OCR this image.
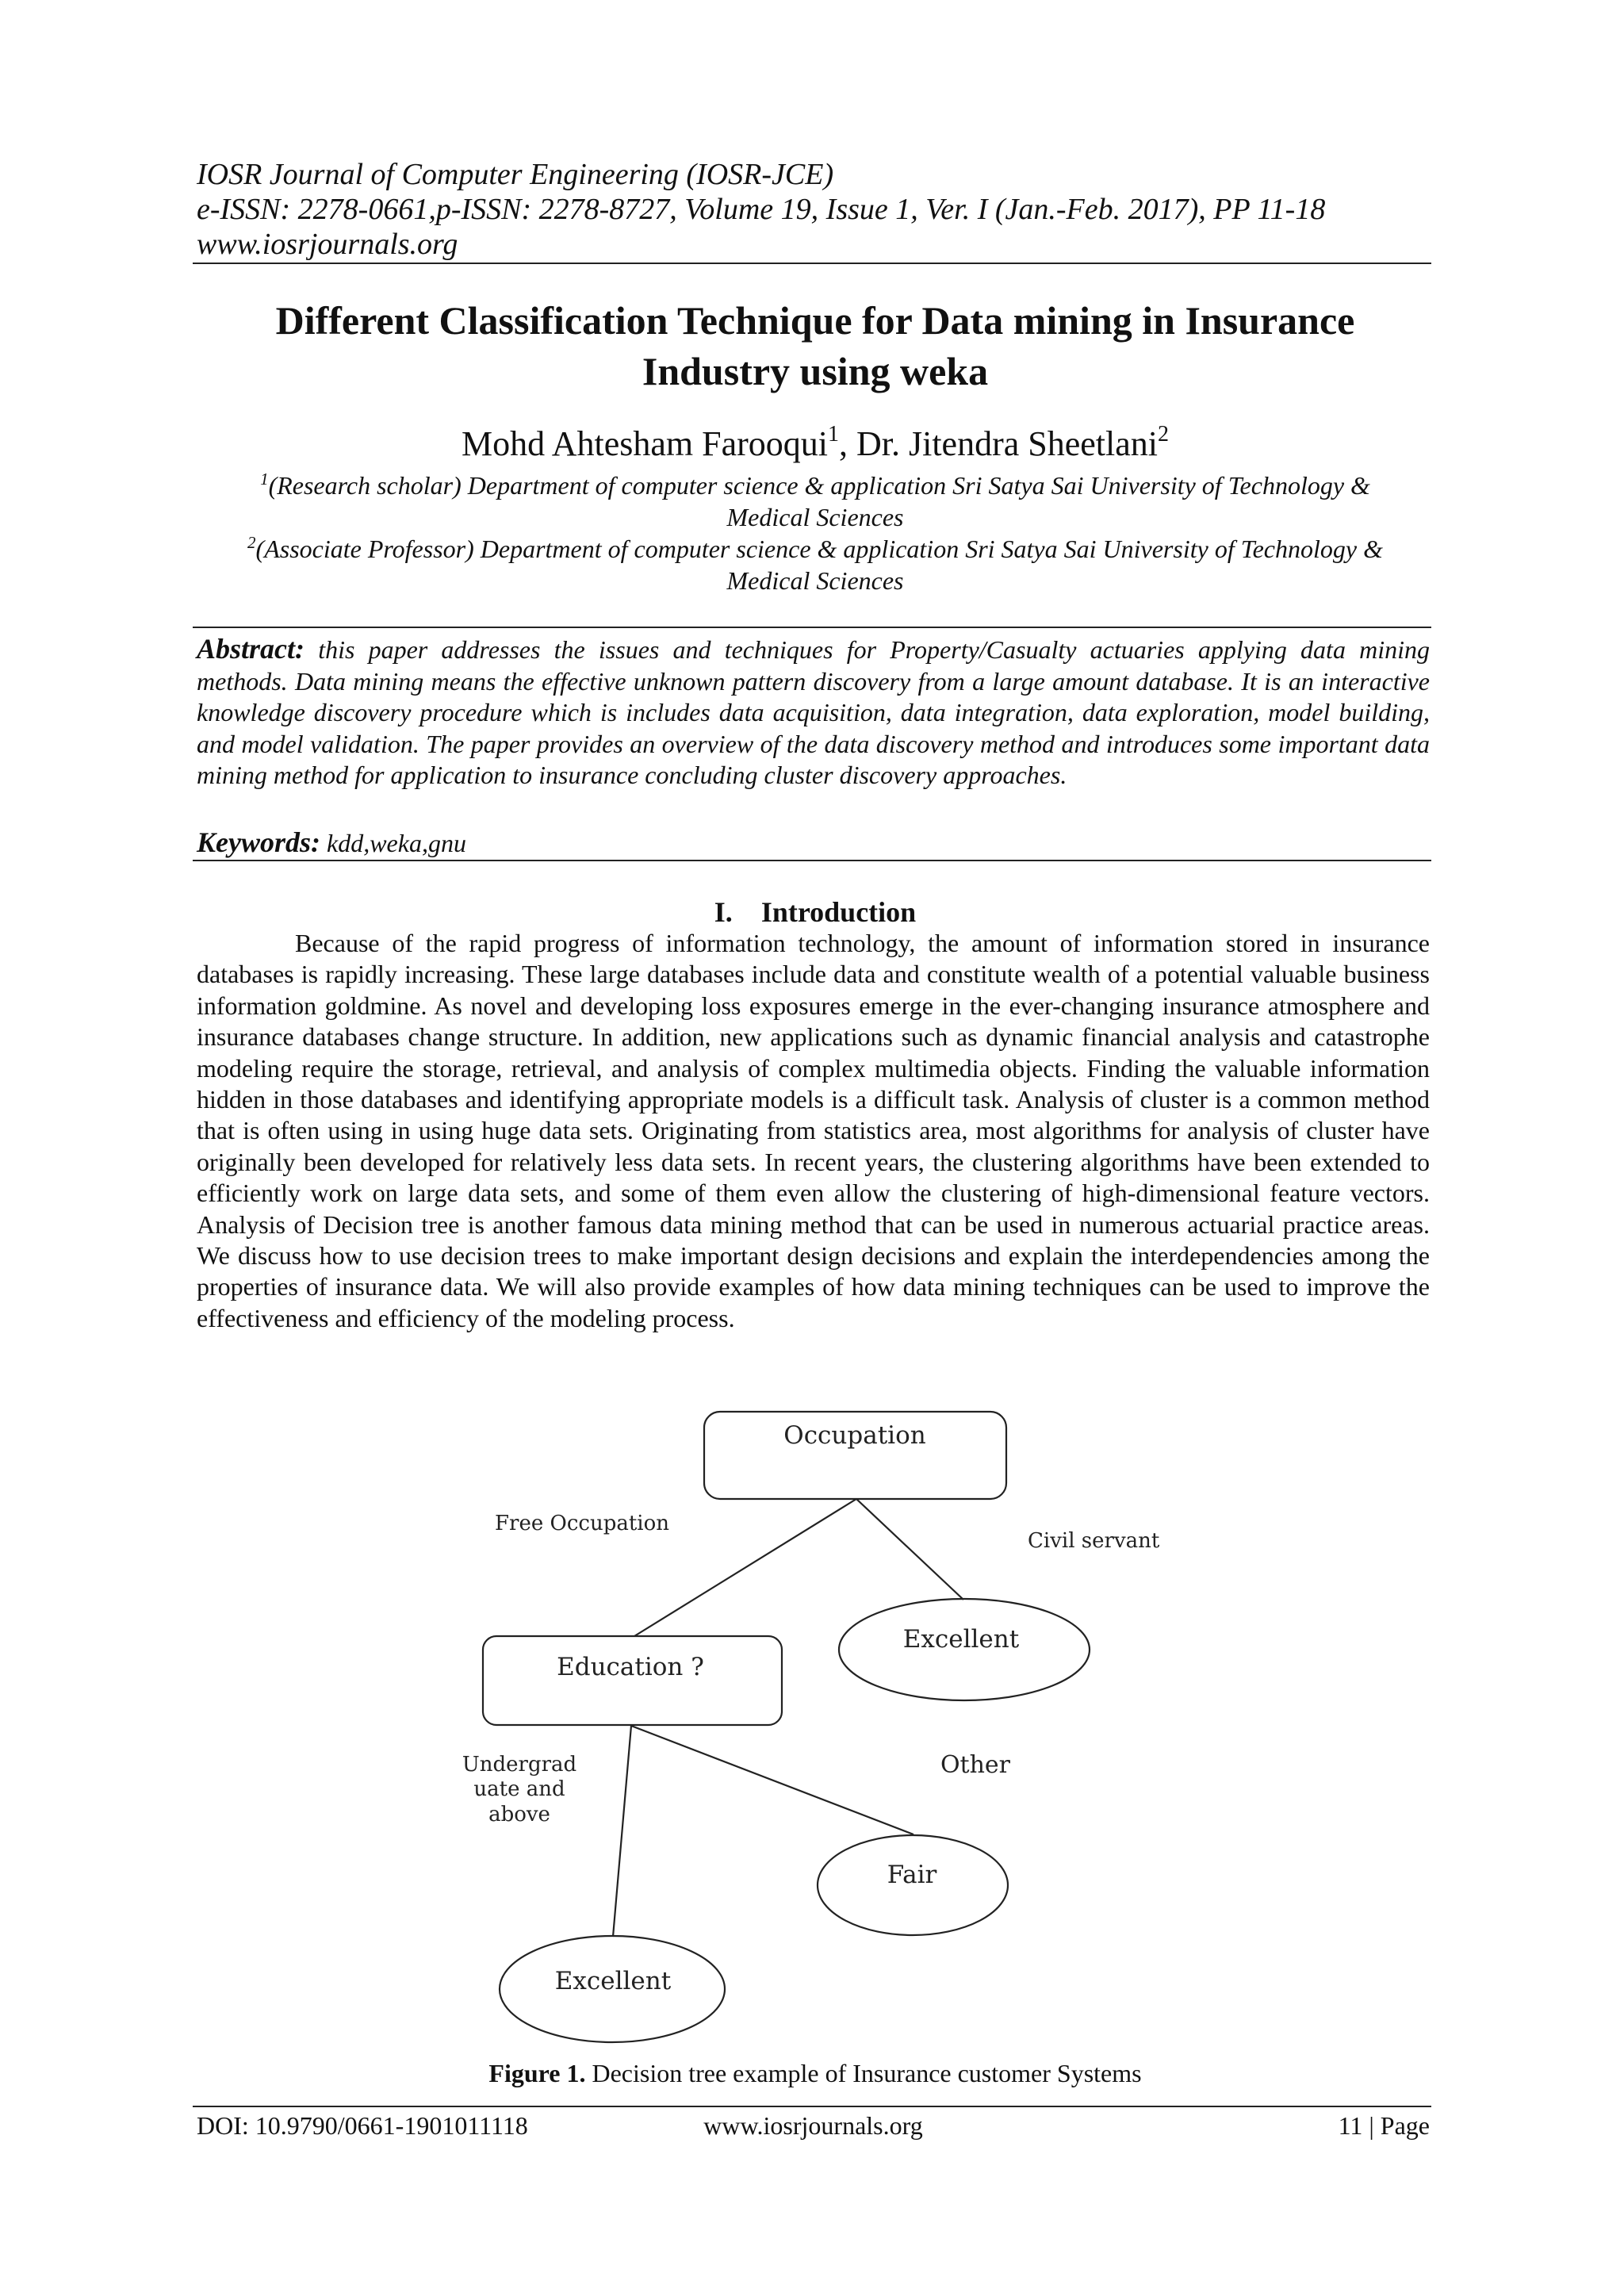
IOSR Journal of Computer Engineering (IOSR-JCE)
e-ISSN: 2278-0661,p-ISSN: 2278-8727, Volume 19, Issue 1, Ver. I (Jan.-Feb. 2017), PP 11-18
www.iosrjournals.org
Different Classification Technique for Data mining in Insurance
Industry using weka
Mohd Ahtesham Farooqui$^1$, Dr. Jitendra Sheetlani$^2$
$^1$(Research scholar) Department of computer science & application Sri Satya Sai University of Technology &
Medical Sciences
$^2$(Associate Professor) Department of computer science & application Sri Satya Sai University of Technology &
Medical Sciences
Abstract: this paper addresses the issues and techniques for Property/Casualty actuaries applying data mining methods. Data mining means the effective unknown pattern discovery from a large amount database. It is an interactive knowledge discovery procedure which is includes data acquisition, data integration, data exploration, model building, and model validation. The paper provides an overview of the data discovery method and introduces some important data mining method for application to insurance concluding cluster discovery approaches.
Keywords: kdd,weka,gnu
I. Introduction
Because of the rapid progress of information technology, the amount of information stored in insurance databases is rapidly increasing. These large databases include data and constitute wealth of a potential valuable business information goldmine. As novel and developing loss exposures emerge in the ever-changing insurance atmosphere and insurance databases change structure. In addition, new applications such as dynamic financial analysis and catastrophe modeling require the storage, retrieval, and analysis of complex multimedia objects. Finding the valuable information hidden in those databases and identifying appropriate models is a difficult task. Analysis of cluster is a common method that is often using in using huge data sets. Originating from statistics area, most algorithms for analysis of cluster have originally been developed for relatively less data sets. In recent years, the clustering algorithms have been extended to efficiently work on large data sets, and some of them even allow the clustering of high-dimensional feature vectors. Analysis of Decision tree is another famous data mining method that can be used in numerous actuarial practice areas. We discuss how to use decision trees to make important design decisions and explain the interdependencies among the properties of insurance data. We will also provide examples of how data mining techniques can be used to improve the effectiveness and efficiency of the modeling process.
Occupation
Education ?
Excellent
Fair
Excellent
Free Occupation
Civil servant
Undergrad
uate and
above
Other
Figure 1. Decision tree example of Insurance customer Systems
DOI: 10.9790/0661-1901011118	www.iosrjournals.org	11 | Page
